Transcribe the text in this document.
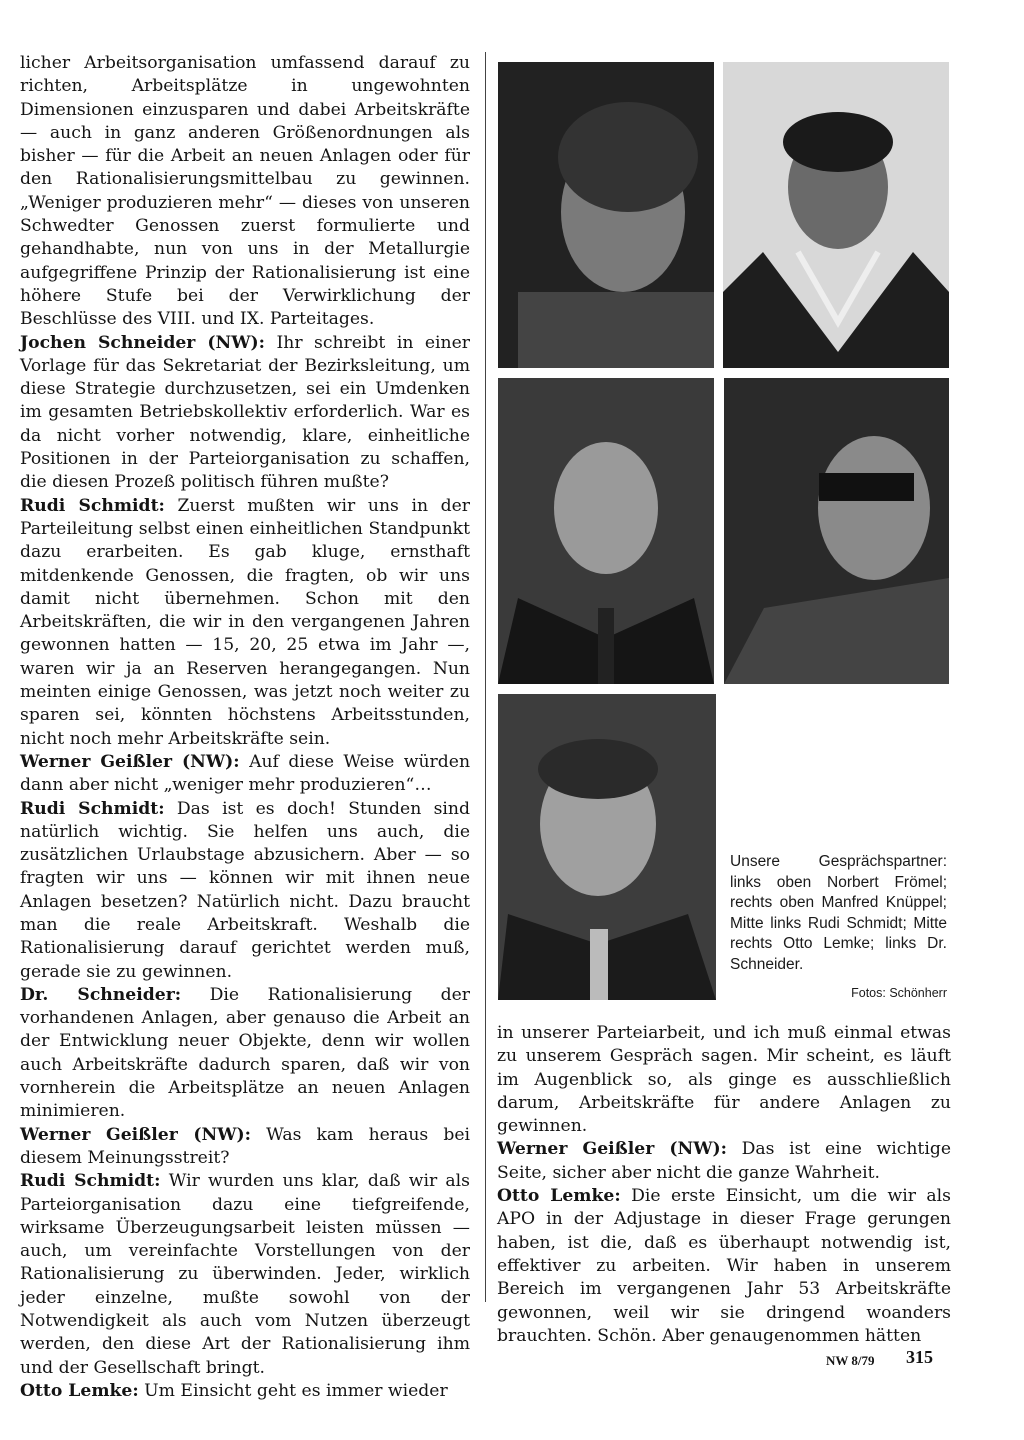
licher Arbeitsorganisation umfassend darauf zu richten, Arbeitsplätze in ungewohnten Dimensionen einzusparen und dabei Arbeitskräfte — auch in ganz anderen Größenordnungen als bisher — für die Arbeit an neuen Anlagen oder für den Rationalisierungsmittelbau zu gewinnen. „Weniger produzieren mehr“ — dieses von unseren Schwedter Genossen zuerst formulierte und gehandhabte, nun von uns in der Metallurgie aufgegriffene Prinzip der Rationalisierung ist eine höhere Stufe bei der Verwirklichung der Beschlüsse des VIII. und IX. Parteitages.

Jochen Schneider (NW): Ihr schreibt in einer Vorlage für das Sekretariat der Bezirksleitung, um diese Strategie durchzusetzen, sei ein Umdenken im gesamten Betriebskollektiv erforderlich. War es da nicht vorher notwendig, klare, einheitliche Positionen in der Parteiorganisation zu schaffen, die diesen Prozeß politisch führen mußte?

Rudi Schmidt: Zuerst mußten wir uns in der Parteileitung selbst einen einheitlichen Standpunkt dazu erarbeiten. Es gab kluge, ernsthaft mitdenkende Genossen, die fragten, ob wir uns damit nicht übernehmen. Schon mit den Arbeitskräften, die wir in den vergangenen Jahren gewonnen hatten — 15, 20, 25 etwa im Jahr —, waren wir ja an Reserven herangegangen. Nun meinten einige Genossen, was jetzt noch weiter zu sparen sei, könnten höchstens Arbeitsstunden, nicht noch mehr Arbeitskräfte sein.

Werner Geißler (NW): Auf diese Weise würden dann aber nicht „weniger mehr produzieren“…

Rudi Schmidt: Das ist es doch! Stunden sind natürlich wichtig. Sie helfen uns auch, die zusätzlichen Urlaubstage abzusichern. Aber — so fragten wir uns — können wir mit ihnen neue Anlagen besetzen? Natürlich nicht. Dazu braucht man die reale Arbeitskraft. Weshalb die Rationalisierung darauf gerichtet werden muß, gerade sie zu gewinnen.

Dr. Schneider: Die Rationalisierung der vorhandenen Anlagen, aber genauso die Arbeit an der Entwicklung neuer Objekte, denn wir wollen auch Arbeitskräfte dadurch sparen, daß wir von vornherein die Arbeitsplätze an neuen Anlagen minimieren.

Werner Geißler (NW): Was kam heraus bei diesem Meinungsstreit?

Rudi Schmidt: Wir wurden uns klar, daß wir als Parteiorganisation dazu eine tiefgreifende, wirksame Überzeugungsarbeit leisten müssen — auch, um vereinfachte Vorstellungen von der Rationalisierung zu überwinden. Jeder, wirklich jeder einzelne, mußte sowohl von der Notwendigkeit als auch vom Nutzen überzeugt werden, den diese Art der Rationalisierung ihm und der Gesellschaft bringt.

Otto Lemke: Um Einsicht geht es immer wieder

Unsere Gesprächspartner: links oben Norbert Frömel; rechts oben Manfred Knüppel; Mitte links Rudi Schmidt; Mitte rechts Otto Lemke; links Dr. Schneider.
Fotos: Schönherr

in unserer Parteiarbeit, und ich muß einmal etwas zu unserem Gespräch sagen. Mir scheint, es läuft im Augenblick so, als ginge es ausschließlich darum, Arbeitskräfte für andere Anlagen zu gewinnen.

Werner Geißler (NW): Das ist eine wichtige Seite, sicher aber nicht die ganze Wahrheit.

Otto Lemke: Die erste Einsicht, um die wir als APO in der Adjustage in dieser Frage gerungen haben, ist die, daß es überhaupt notwendig ist, effektiver zu arbeiten. Wir haben in unserem Bereich im vergangenen Jahr 53 Arbeitskräfte gewonnen, weil wir sie dringend woanders brauchten. Schön. Aber genaugenommen hätten

NW 8/79 315
